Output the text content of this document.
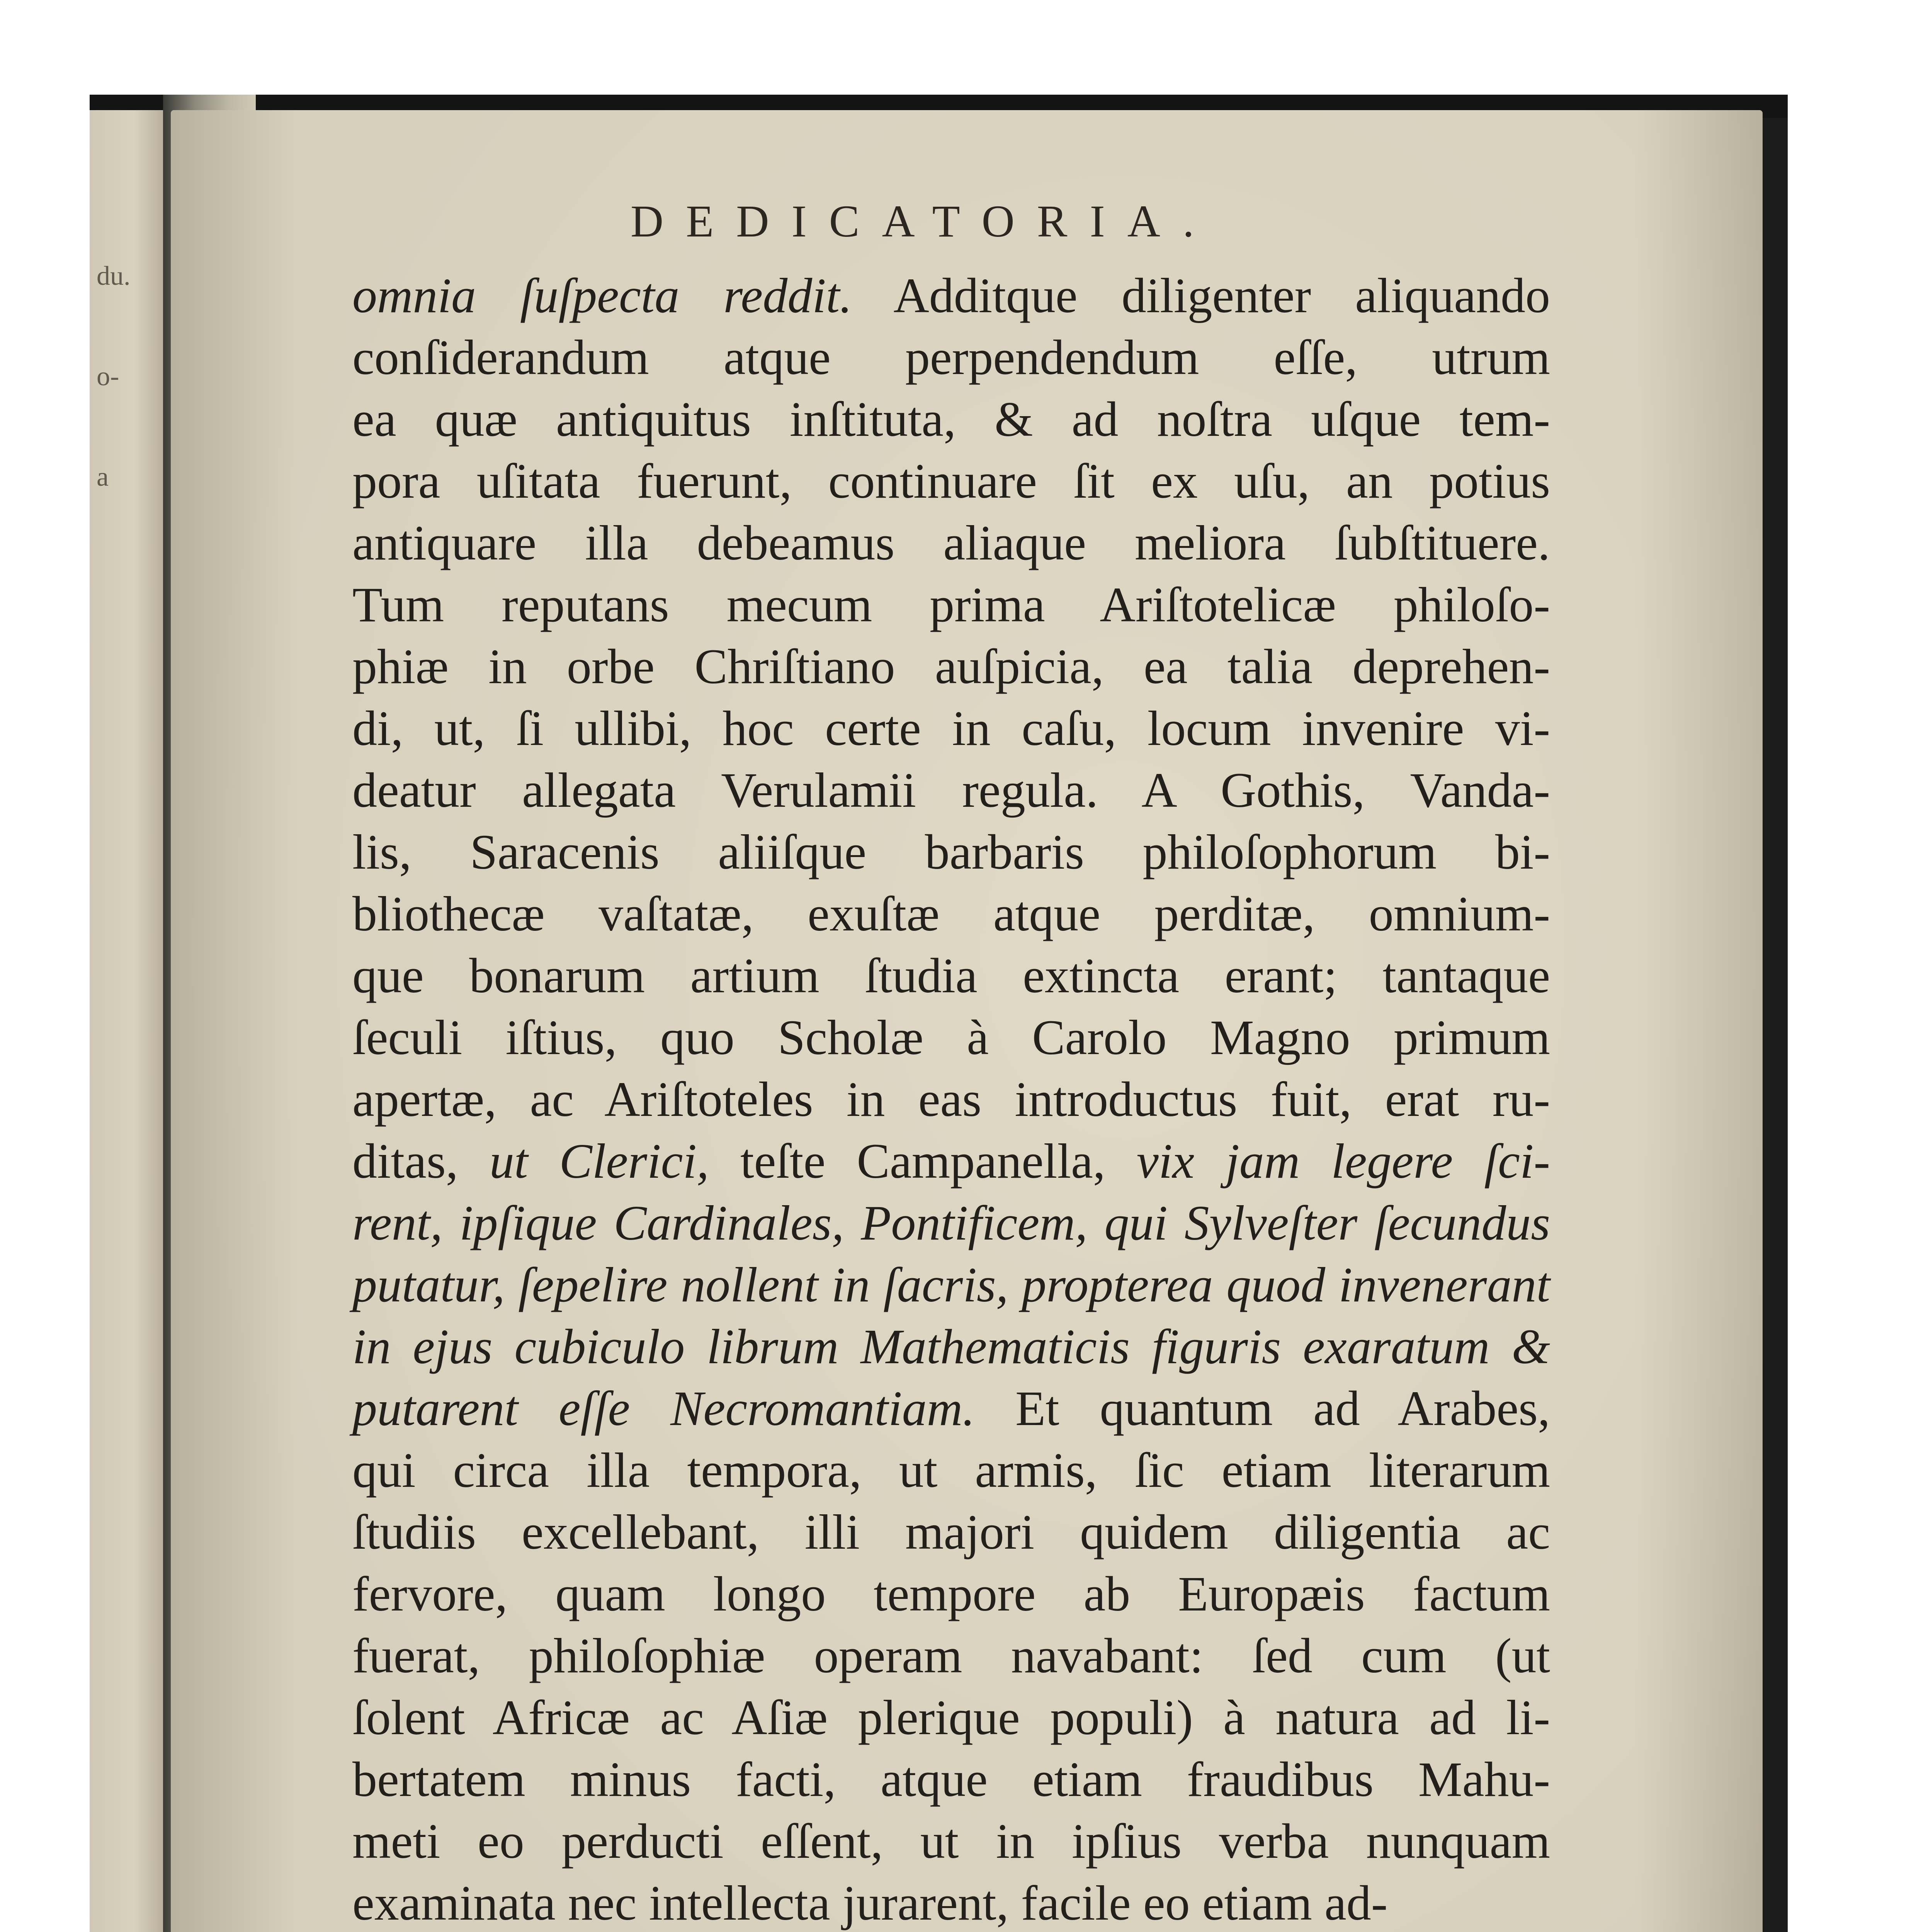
du.
o-
a
DEDICATORIA.
omnia ſuſpecta reddit. Additque diligenter aliquando
conſiderandum atque perpendendum eſſe, utrum
ea quæ antiquitus inſtituta, & ad noſtra uſque tem-
pora uſitata fuerunt, continuare ſit ex uſu, an potius
antiquare illa debeamus aliaque meliora ſubſtituere.
Tum reputans mecum prima Ariſtotelicæ philoſo-
phiæ in orbe Chriſtiano auſpicia, ea talia deprehen-
di, ut, ſi ullibi, hoc certe in caſu, locum invenire vi-
deatur allegata Verulamii regula. A Gothis, Vanda-
lis, Saracenis aliiſque barbaris philoſophorum bi-
bliothecæ vaſtatæ, exuſtæ atque perditæ, omnium-
que bonarum artium ſtudia extincta erant; tantaque
ſeculi iſtius, quo Scholæ à Carolo Magno primum
apertæ, ac Ariſtoteles in eas introductus fuit, erat ru-
ditas, ut Clerici, teſte Campanella, vix jam legere ſci-
rent, ipſique Cardinales, Pontificem, qui Sylveſter ſecundus
putatur, ſepelire nollent in ſacris, propterea quod invenerant
in ejus cubiculo librum Mathematicis figuris exaratum &
putarent eſſe Necromantiam. Et quantum ad Arabes,
qui circa illa tempora, ut armis, ſic etiam literarum
ſtudiis excellebant, illi majori quidem diligentia ac
fervore, quam longo tempore ab Europæis factum
fuerat, philoſophiæ operam navabant: ſed cum (ut
ſolent Africæ ac Aſiæ plerique populi) à natura ad li-
bertatem minus facti, atque etiam fraudibus Mahu-
meti eo perducti eſſent, ut in ipſius verba nunquam
examinata nec intellecta jurarent, facile eo etiam ad-
